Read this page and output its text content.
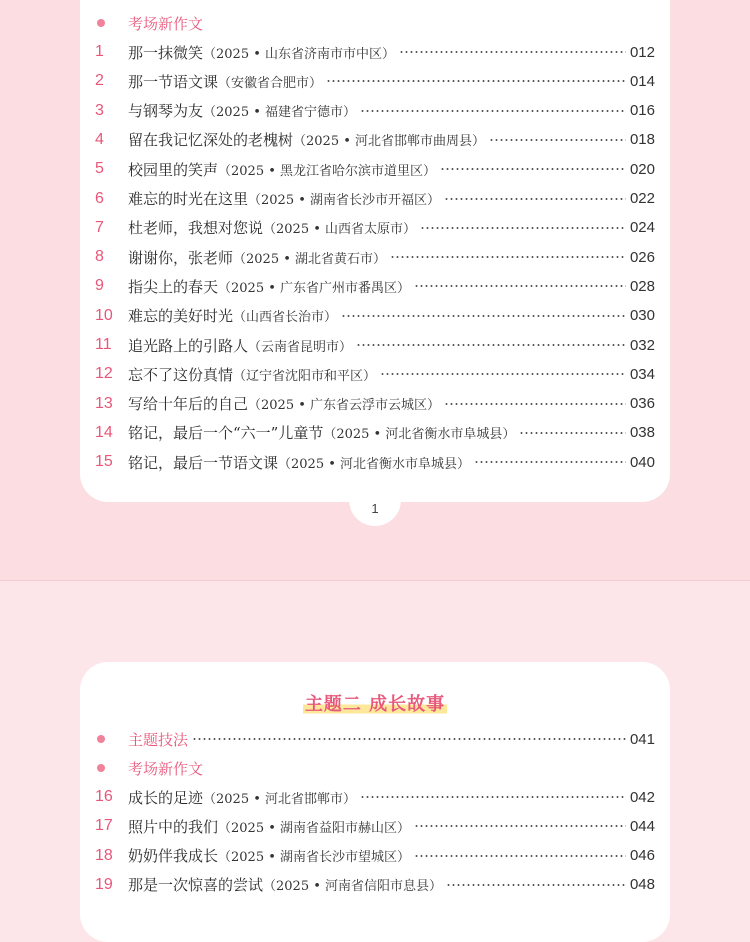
1
考场新作文
1	那一抹微笑 （2025 • 山东省济南市市中区）	012
2	那一节语文课 （安徽省合肥市）	014
3	与钢琴为友 （2025 • 福建省宁德市）	016
4	留在我记忆深处的老槐树 （2025 • 河北省邯郸市曲周县）	018
5	校园里的笑声 （2025 • 黑龙江省哈尔滨市道里区）	020
6	难忘的时光在这里 （2025 • 湖南省长沙市开福区）	022
7	杜老师，我想对您说 （2025 • 山西省太原市）	024
8	谢谢你，张老师 （2025 • 湖北省黄石市）	026
9	指尖上的春天 （2025 • 广东省广州市番禺区）	028
10	难忘的美好时光 （山西省长治市）	030
11	追光路上的引路人 （云南省昆明市）	032
12	忘不了这份真情 （辽宁省沈阳市和平区）	034
13	写给十年后的自己 （2025 • 广东省云浮市云城区）	036
14	铭记，最后一个“六一”儿童节 （2025 • 河北省衡水市阜城县）	038
15	铭记，最后一节语文课 （2025 • 河北省衡水市阜城县）	040
主题二 成长故事
主题技法	041
考场新作文
16	成长的足迹 （2025 • 河北省邯郸市）	042
17	照片中的我们 （2025 • 湖南省益阳市赫山区）	044
18	奶奶伴我成长 （2025 • 湖南省长沙市望城区）	046
19	那是一次惊喜的尝试 （2025 • 河南省信阳市息县）	048
